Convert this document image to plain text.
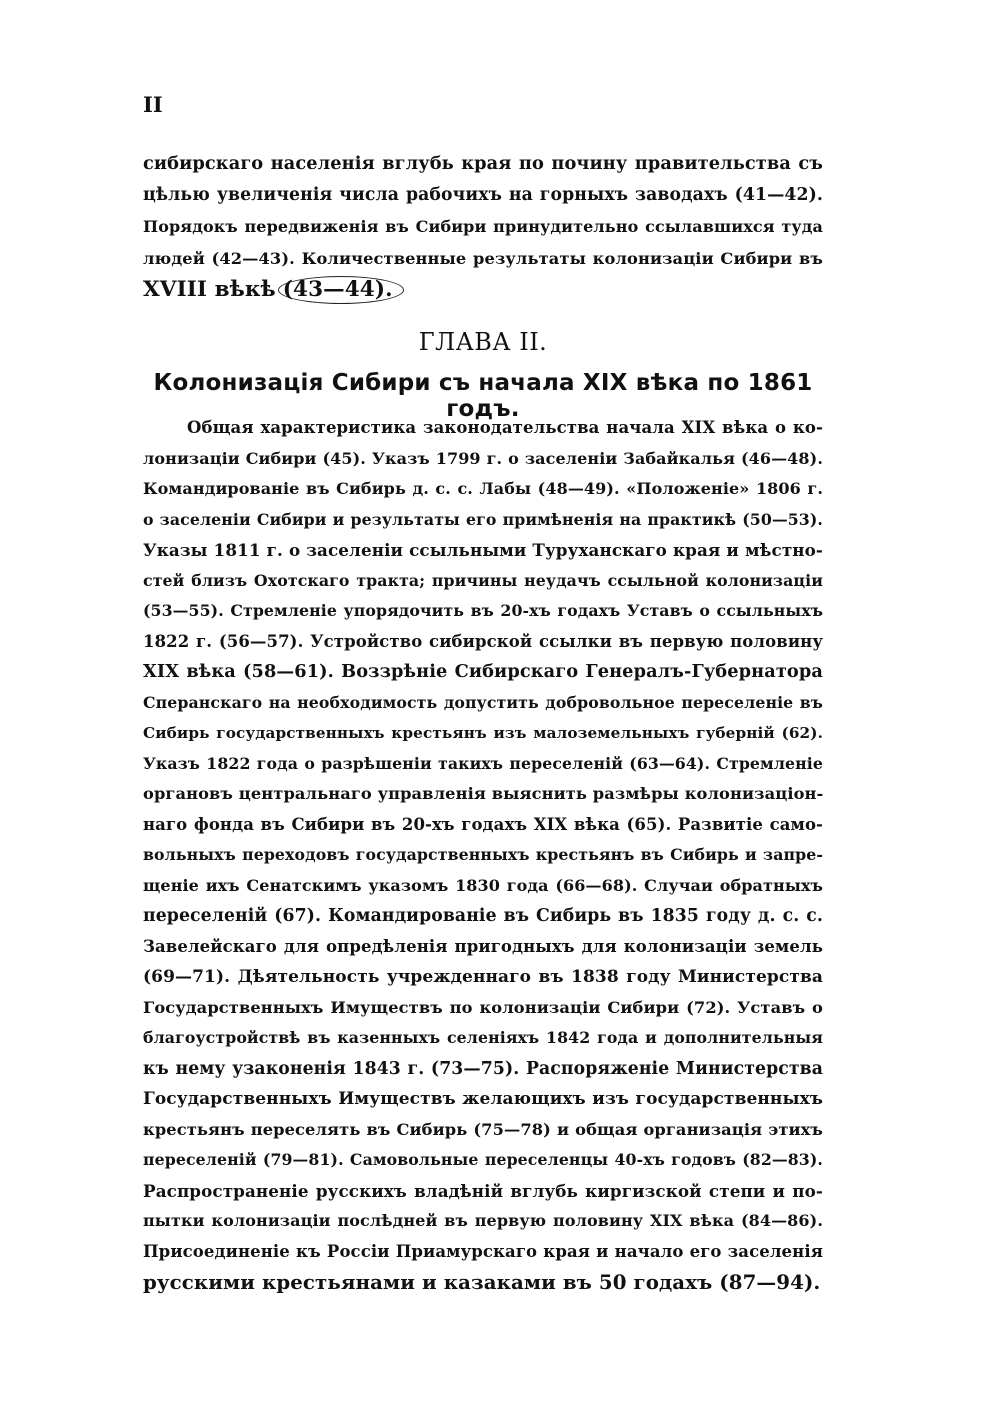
II
сибирскаго населенія вглубь края по почину правительства съ
цѣлью увеличенія числа рабочихъ на горныхъ заводахъ (41—42).
Порядокъ передвиженія въ Сибири принудительно ссылавшихся туда
людей (42—43). Количественные результаты колонизаціи Сибири въ
XVIII вѣкѣ (43—44).
ГЛАВА II.
Колонизація Сибири съ начала XIX вѣка по 1861 годъ.
Общая характеристика законодательства начала XIX вѣка о ко-
лонизаціи Сибири (45). Указъ 1799 г. о заселеніи Забайкалья (46—48).
Командированіе въ Сибирь д. с. с. Лабы (48—49). «Положеніе» 1806 г.
о заселеніи Сибири и результаты его примѣненія на практикѣ (50—53).
Указы 1811 г. о заселеніи ссыльными Туруханскаго края и мѣстно-
стей близъ Охотскаго тракта; причины неудачъ ссыльной колонизаціи
(53—55). Стремленіе упорядочить въ 20-хъ годахъ Уставъ о ссыльныхъ
1822 г. (56—57). Устройство сибирской ссылки въ первую половину
XIX вѣка (58—61). Воззрѣніе Сибирскаго Генералъ-Губернатора
Сперанскаго на необходимость допустить добровольное переселеніе въ
Сибирь государственныхъ крестьянъ изъ малоземельныхъ губерній (62).
Указъ 1822 года о разрѣшеніи такихъ переселеній (63—64). Стремленіе
органовъ центральнаго управленія выяснить размѣры колонизаціон-
наго фонда въ Сибири въ 20-хъ годахъ XIX вѣка (65). Развитіе само-
вольныхъ переходовъ государственныхъ крестьянъ въ Сибирь и запре-
щеніе ихъ Сенатскимъ указомъ 1830 года (66—68). Случаи обратныхъ
переселеній (67). Командированіе въ Сибирь въ 1835 году д. с. с.
Завелейскаго для опредѣленія пригодныхъ для колонизаціи земель
(69—71). Дѣятельность учрежденнаго въ 1838 году Министерства
Государственныхъ Имуществъ по колонизаціи Сибири (72). Уставъ о
благоустройствѣ въ казенныхъ селеніяхъ 1842 года и дополнительныя
къ нему узаконенія 1843 г. (73—75). Распоряженіе Министерства
Государственныхъ Имуществъ желающихъ изъ государственныхъ
крестьянъ переселять въ Сибирь (75—78) и общая организація этихъ
переселеній (79—81). Самовольные переселенцы 40-хъ годовъ (82—83).
Распространеніе русскихъ владѣній вглубь киргизской степи и по-
пытки колонизаціи послѣдней въ первую половину XIX вѣка (84—86).
Присоединеніе къ Россіи Приамурскаго края и начало его заселенія
русскими крестьянами и казаками въ 50 годахъ (87—94).
